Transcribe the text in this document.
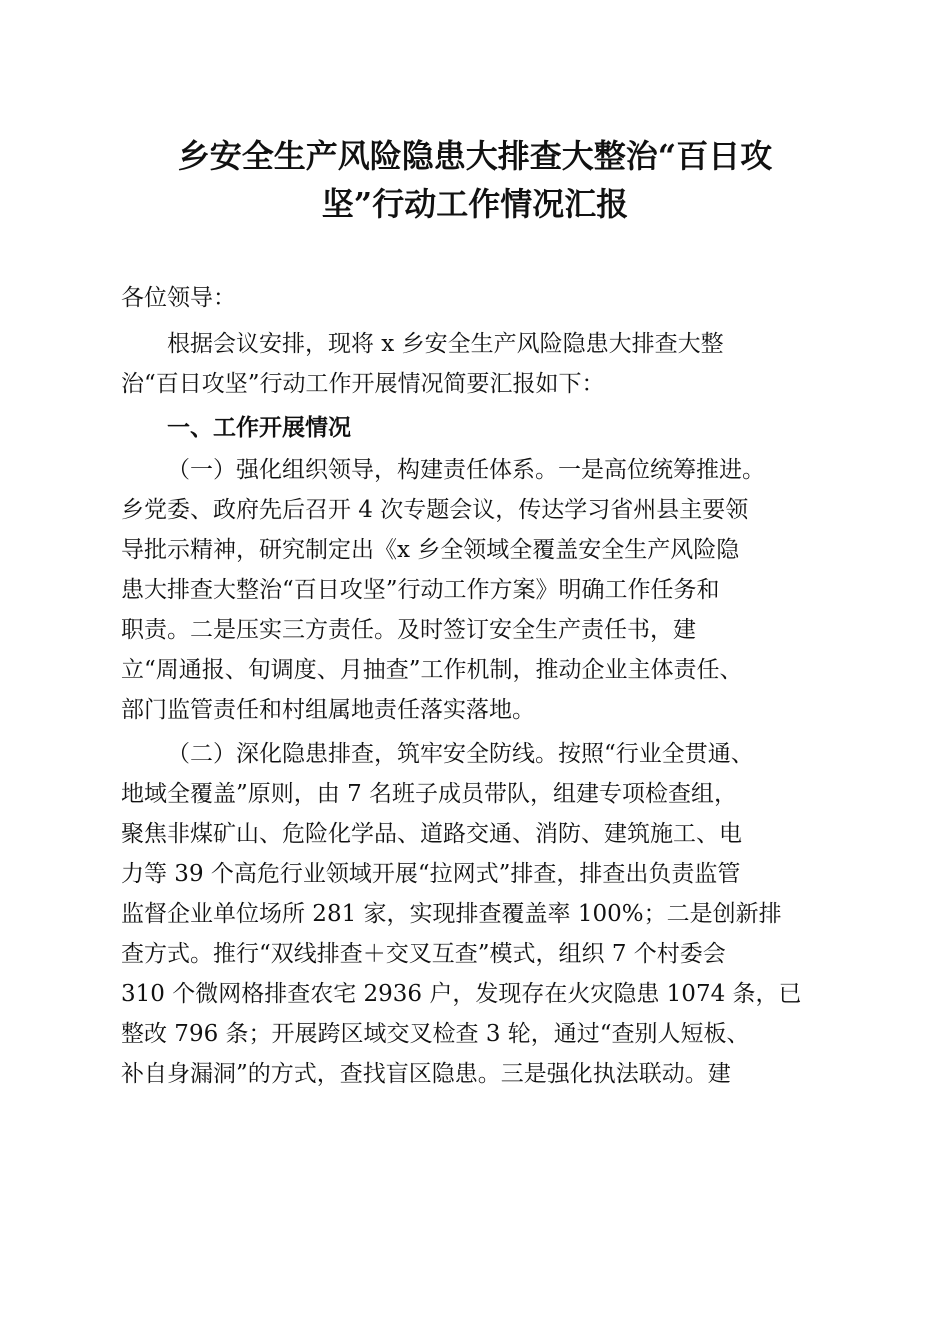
乡安全生产风险隐患大排查大整治“百日攻
坚”行动工作情况汇报

各位领导：

根据会议安排，现将 x 乡安全生产风险隐患大排查大整
治“百日攻坚”行动工作开展情况简要汇报如下：

一、工作开展情况

（一）强化组织领导，构建责任体系。一是高位统筹推进。
乡党委、政府先后召开 4 次专题会议，传达学习省州县主要领
导批示精神，研究制定出《x 乡全领域全覆盖安全生产风险隐
患大排查大整治“百日攻坚”行动工作方案》明确工作任务和
职责。二是压实三方责任。及时签订安全生产责任书，建
立“周通报、旬调度、月抽查”工作机制，推动企业主体责任、
部门监管责任和村组属地责任落实落地。

（二）深化隐患排查，筑牢安全防线。按照“行业全贯通、
地域全覆盖”原则，由 7 名班子成员带队，组建专项检查组，
聚焦非煤矿山、危险化学品、道路交通、消防、建筑施工、电
力等 39 个高危行业领域开展“拉网式”排查，排查出负责监管
监督企业单位场所 281 家，实现排查覆盖率 100%；二是创新排
查方式。推行“双线排查＋交叉互查”模式，组织 7 个村委会
310 个微网格排查农宅 2936 户，发现存在火灾隐患 1074 条，已
整改 796 条；开展跨区域交叉检查 3 轮，通过“查别人短板、
补自身漏洞”的方式，查找盲区隐患。三是强化执法联动。建
